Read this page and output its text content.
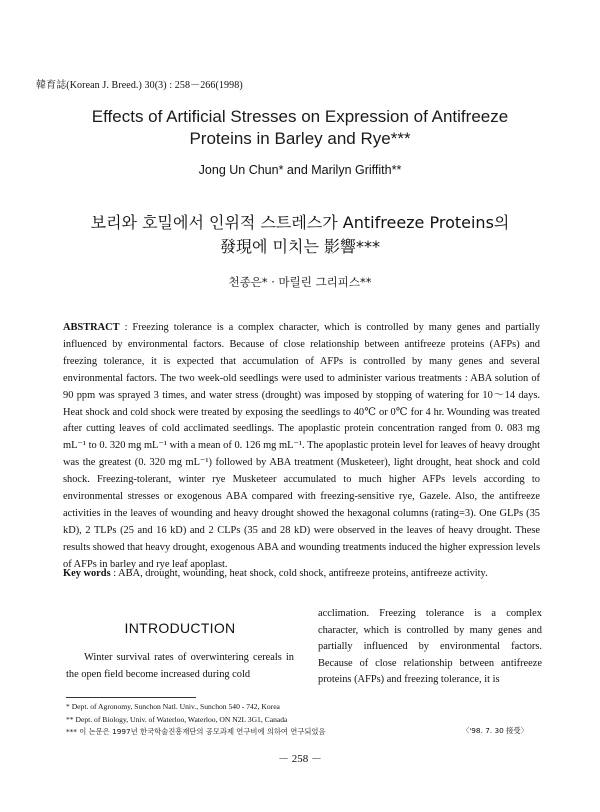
韓育誌(Korean J. Breed.) 30(3) : 258－266(1998)
Effects of Artificial Stresses on Expression of Antifreeze
Proteins in Barley and Rye***
Jong Un Chun* and Marilyn Griffith**
보리와 호밀에서 인위적 스트레스가 Antifreeze Proteins의
發現에 미치는 影響***
천종은* · 마릴린 그리피스**
ABSTRACT : Freezing tolerance is a complex character, which is controlled by many genes and partially influenced by environmental factors. Because of close relationship between antifreeze proteins (AFPs) and freezing tolerance, it is expected that accumulation of AFPs is controlled by many genes and several environmental factors. The two week-old seedlings were used to administer various treatments : ABA solution of 90 ppm was sprayed 3 times, and water stress (drought) was imposed by stopping of watering for 10～14 days. Heat shock and cold shock were treated by exposing the seedlings to 40℃ or 0℃ for 4 hr. Wounding was treated after cutting leaves of cold acclimated seedlings. The apoplastic protein concentration ranged from 0. 083 mg mL⁻¹ to 0. 320 mg mL⁻¹ with a mean of 0. 126 mg mL⁻¹. The apoplastic protein level for leaves of heavy drought was the greatest (0. 320 mg mL⁻¹) followed by ABA treatment (Musketeer), light drought, heat shock and cold shock. Freezing-tolerant, winter rye Musketeer accumulated to much higher AFPs levels according to environmental stresses or exogenous ABA compared with freezing-sensitive rye, Gazele. Also, the antifreeze activities in the leaves of wounding and heavy drought showed the hexagonal columns (rating=3). One GLPs (35 kD), 2 TLPs (25 and 16 kD) and 2 CLPs (35 and 28 kD) were observed in the leaves of heavy drought. These results showed that heavy drought, exogenous ABA and wounding treatments induced the higher expression levels of AFPs in barley and rye leaf apoplast.
Key words : ABA, drought, wounding, heat shock, cold shock, antifreeze proteins, antifreeze activity.
INTRODUCTION

Winter survival rates of overwintering cereals in the open field become increased during cold

acclimation. Freezing tolerance is a complex character, which is controlled by many genes and partially influenced by environmental factors. Because of close relationship between antifreeze proteins (AFPs) and freezing tolerance, it is

* Dept. of Agronomy, Sunchon Natl. Univ., Sunchon 540 - 742, Korea
** Dept. of Biology, Univ. of Waterloo, Waterloo, ON N2L 3G1, Canada
*** 이 논문은 1997년 한국학술진흥재단의 공모과제 연구비에 의하여 연구되었음	〈'98. 7. 30 接受〉
－ 258 －
